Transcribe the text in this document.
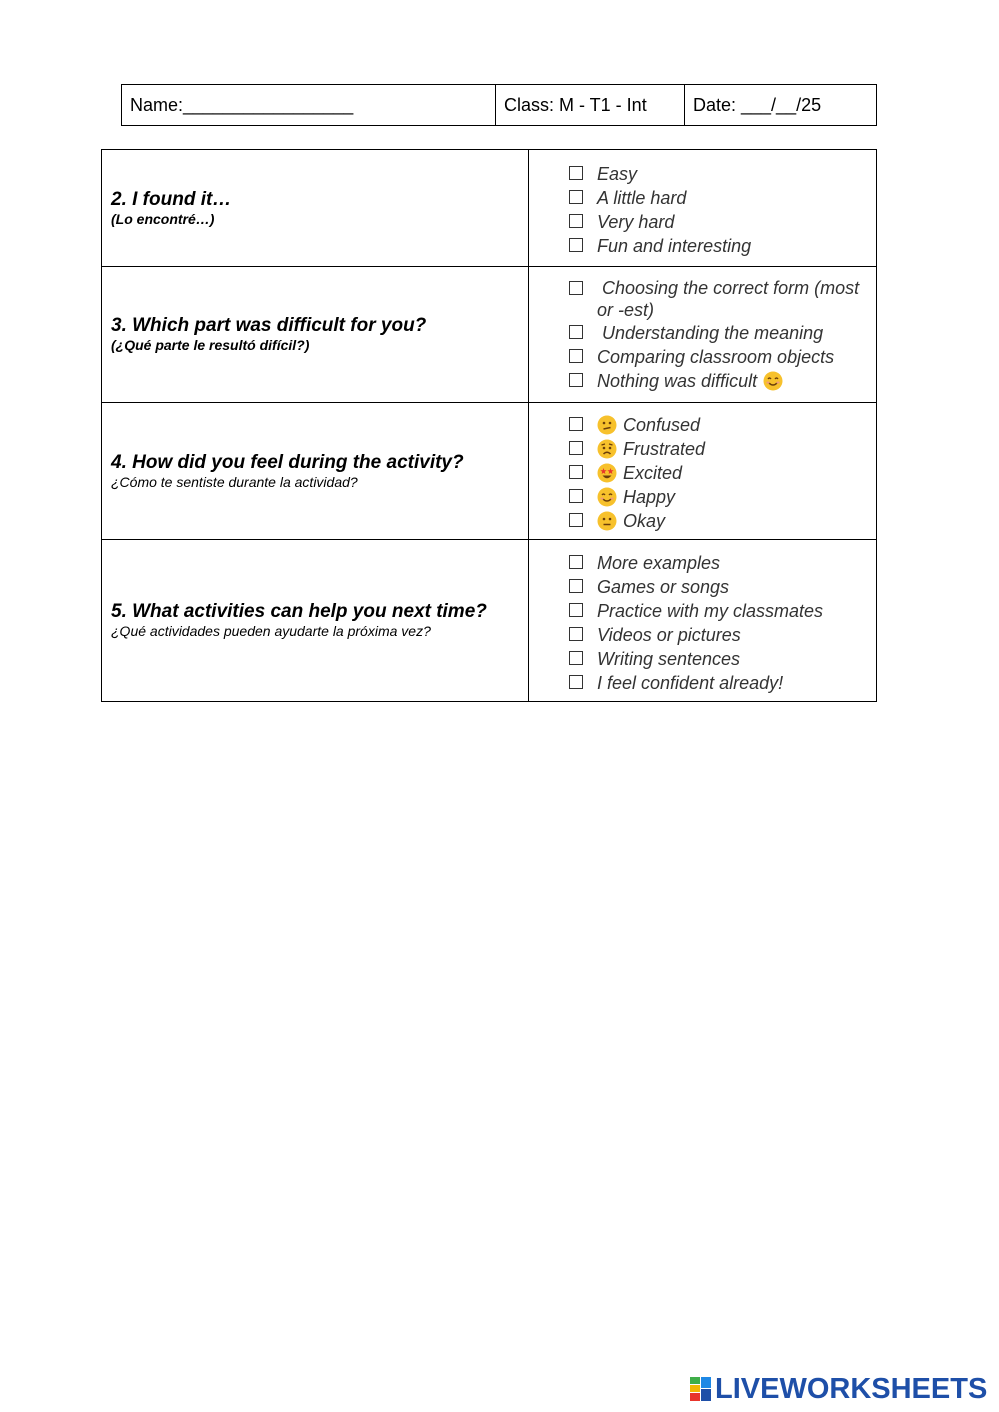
Name:_________________	Class: M - T1 - Int	Date: ___/__/25
2. I found it…
(Lo encontré…)
Easy
A little hard
Very hard
Fun and interesting
3. Which part was difficult for you?
(¿Qué parte le resultó difícil?)
Choosing the correct form (most or -est)
Understanding the meaning
Comparing classroom objects
Nothing was difficult
4. How did you feel during the activity?
¿Cómo te sentiste durante la actividad?
Confused
Frustrated
Excited
Happy
Okay
5. What activities can help you next time?
¿Qué actividades pueden ayudarte la próxima vez?
More examples
Games or songs
Practice with my classmates
Videos or pictures
Writing sentences
I feel confident already!
LIVEWORKSHEETS
